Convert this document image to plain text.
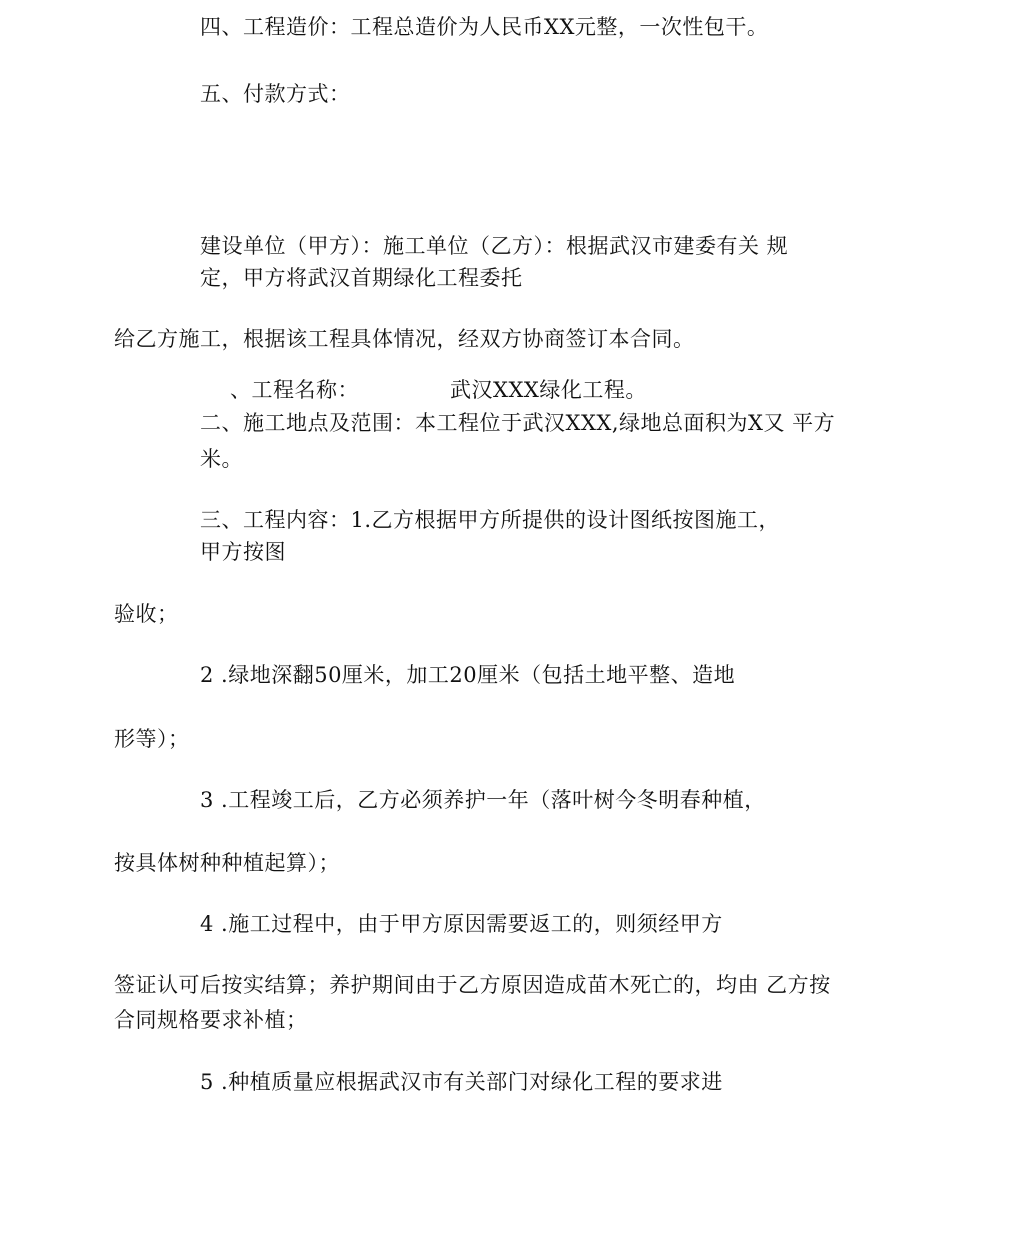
四、工程造价：工程总造价为人民币XX元整，一次性包干。
五、付款方式：
建设单位（甲方）：施工单位（乙方）：根据武汉市建委有关 规
定，甲方将武汉首期绿化工程委托
给乙方施工，根据该工程具体情况，经双方协商签订本合同。
、工程名称：	武汉XXX绿化工程。
二、施工地点及范围：本工程位于武汉XXX,绿地总面积为X又 平方
米。
三、工程内容：1.乙方根据甲方所提供的设计图纸按图施工，
甲方按图
验收；
2 .绿地深翻50厘米，加工20厘米（包括土地平整、造地
形等）；
3 .工程竣工后，乙方必须养护一年（落叶树今冬明春种植，
按具体树种种植起算）；
4 .施工过程中，由于甲方原因需要返工的，则须经甲方
签证认可后按实结算；养护期间由于乙方原因造成苗木死亡的，均由 乙方按
合同规格要求补植；
5 .种植质量应根据武汉市有关部门对绿化工程的要求进
